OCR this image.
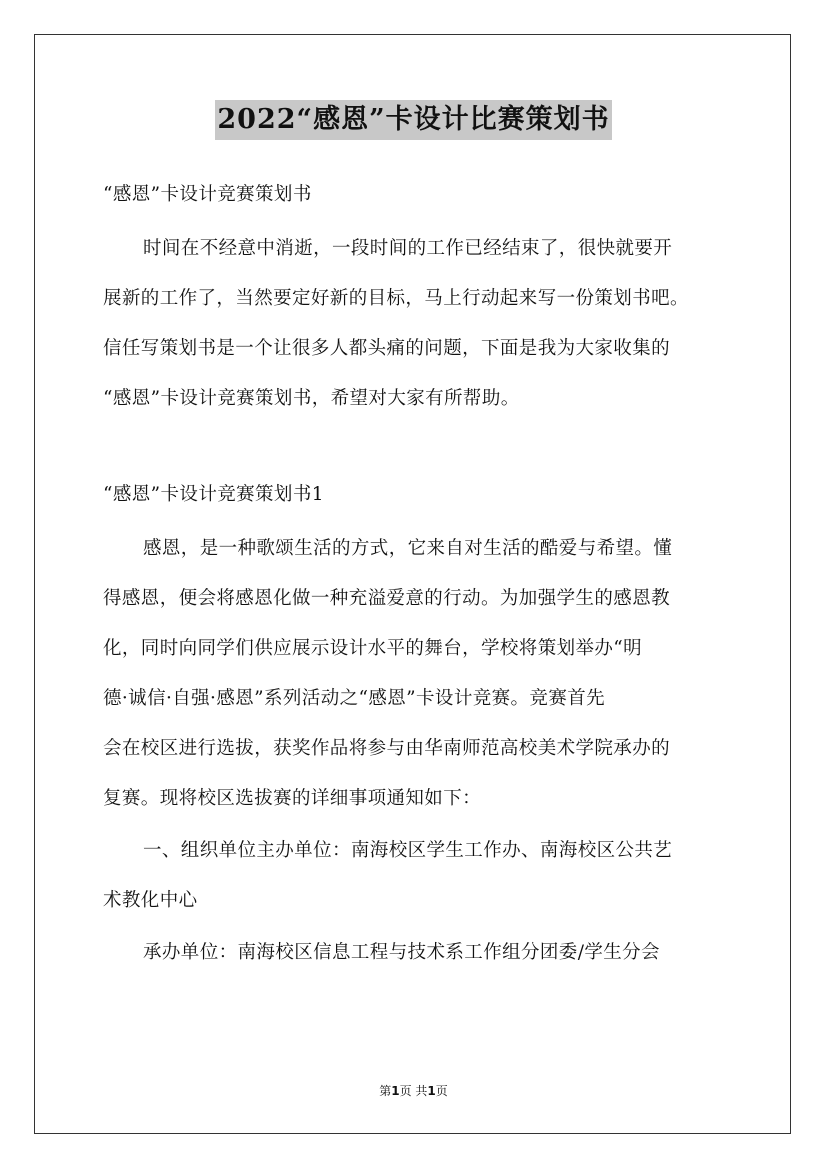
2022“感恩”卡设计比赛策划书
“感恩”卡设计竞赛策划书
时间在不经意中消逝，一段时间的工作已经结束了，很快就要开
展新的工作了，当然要定好新的目标，马上行动起来写一份策划书吧。
信任写策划书是一个让很多人都头痛的问题，下面是我为大家收集的
“感恩”卡设计竞赛策划书，希望对大家有所帮助。
“感恩”卡设计竞赛策划书1
感恩，是一种歌颂生活的方式，它来自对生活的酷爱与希望。懂
得感恩，便会将感恩化做一种充溢爱意的行动。为加强学生的感恩教
化，同时向同学们供应展示设计水平的舞台，学校将策划举办“明
德·诚信·自强·感恩”系列活动之“感恩”卡设计竞赛。竞赛首先
会在校区进行选拔，获奖作品将参与由华南师范高校美术学院承办的
复赛。现将校区选拔赛的详细事项通知如下：
一、组织单位主办单位：南海校区学生工作办、南海校区公共艺
术教化中心
承办单位：南海校区信息工程与技术系工作组分团委/学生分会
第1页 共1页
